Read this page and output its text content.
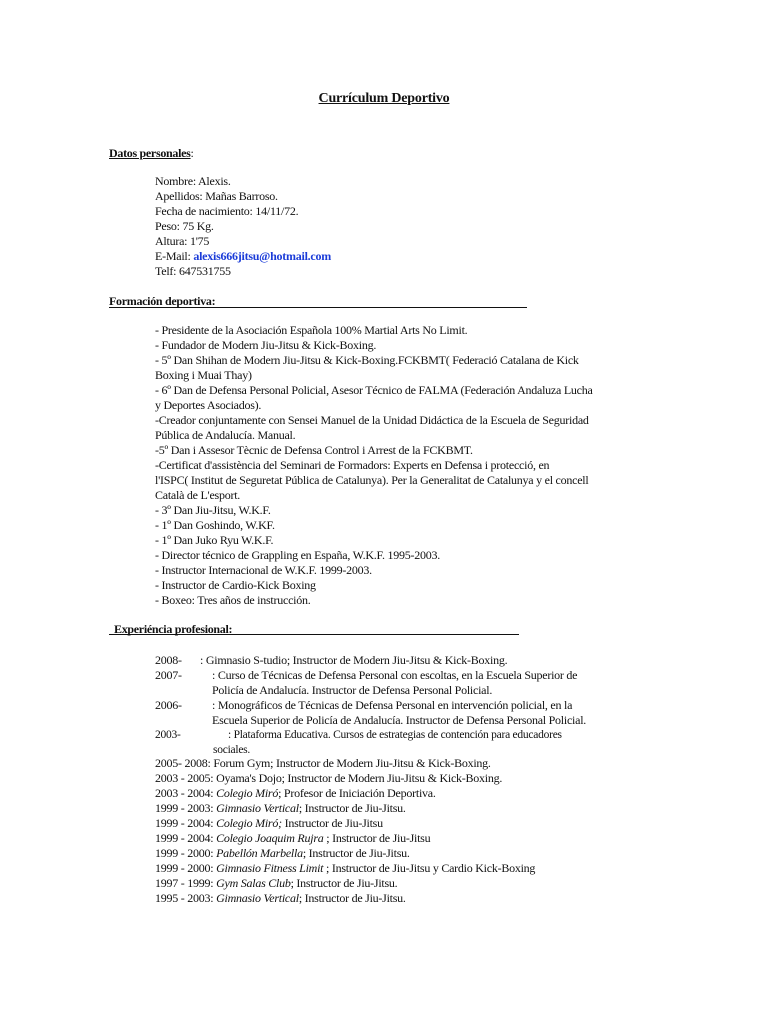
Currículum Deportivo
Datos personales:
Nombre: Alexis.
Apellidos: Mañas Barroso.
Fecha de nacimiento: 14/11/72.
Peso: 75 Kg.
Altura: 1'75
E-Mail: alexis666jitsu@hotmail.com
Telf: 647531755
Formación deportiva:
- Presidente de la Asociación Española 100% Martial Arts No Limit.
- Fundador de Modern Jiu-Jitsu & Kick-Boxing.
- 5º Dan Shihan de Modern Jiu-Jitsu & Kick-Boxing.FCKBMT( Federació Catalana de Kick
Boxing i Muai Thay)
- 6º Dan de Defensa Personal Policial, Asesor Técnico de FALMA (Federación Andaluza Lucha
y Deportes Asociados).
-Creador conjuntamente con Sensei Manuel de la Unidad Didáctica de la Escuela de Seguridad
Pública de Andalucía. Manual.
-5º Dan i Assesor Tècnic de Defensa Control i Arrest de la FCKBMT.
-Certificat d'assistència del Seminari de Formadors: Experts en Defensa i protecció, en
l'ISPC( Institut de Seguretat Pública de Catalunya). Per la Generalitat de Catalunya y el concell
Català de L'esport.
- 3º Dan Jiu-Jitsu, W.K.F.
- 1º Dan Goshindo, W.KF.
- 1º Dan Juko Ryu W.K.F.
- Director técnico de Grappling en España, W.K.F. 1995-2003.
- Instructor Internacional de W.K.F. 1999-2003.
- Instructor de Cardio-Kick Boxing
- Boxeo: Tres años de instrucción.
Experiéncia profesional:
2008-	: Gimnasio S-tudio; Instructor de Modern Jiu-Jitsu & Kick-Boxing.
2007-	: Curso de Técnicas de Defensa Personal con escoltas, en la Escuela Superior de
Policía de Andalucía. Instructor de Defensa Personal Policial.
2006-	: Monográficos de Técnicas de Defensa Personal en intervención policial, en la
Escuela Superior de Policía de Andalucía. Instructor de Defensa Personal Policial.
2003-	: Plataforma Educativa. Cursos de estrategias de contención para educadores
sociales.
2005- 2008: Forum Gym; Instructor de Modern Jiu-Jitsu & Kick-Boxing.
2003 - 2005: Oyama's Dojo; Instructor de Modern Jiu-Jitsu & Kick-Boxing.
2003 - 2004: Colegio Miró; Profesor de Iniciación Deportiva.
1999 - 2003: Gimnasio Vertical; Instructor de Jiu-Jitsu.
1999 - 2004: Colegio Miró; Instructor de Jiu-Jitsu
1999 - 2004: Colegio Joaquim Rujra ; Instructor de Jiu-Jitsu
1999 - 2000: Pabellón Marbella; Instructor de Jiu-Jitsu.
1999 - 2000: Gimnasio Fitness Limit ; Instructor de Jiu-Jitsu y Cardio Kick-Boxing
1997 - 1999: Gym Salas Club; Instructor de Jiu-Jitsu.
1995 - 2003: Gimnasio Vertical; Instructor de Jiu-Jitsu.
